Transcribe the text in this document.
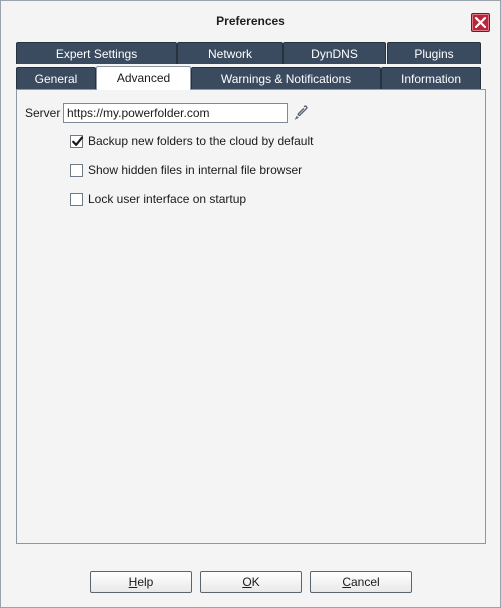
Preferences
Expert Settings	Network	DynDNS	Plugins
General	Advanced	Warnings & Notifications	Information
Server
https://my.powerfolder.com
Backup new folders to the cloud by default
Show hidden files in internal file browser
Lock user interface on startup
Help	OK	Cancel
